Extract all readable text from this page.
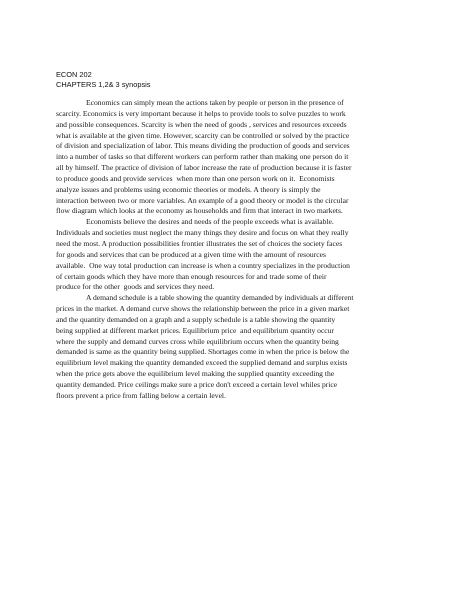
ECON 202
CHAPTERS 1,2& 3 synopsis
Economics can simply mean the actions taken by people or person in the presence of
scarcity. Economics is very important because it helps to provide tools to solve puzzles to work
and possible consequences. Scarcity is when the need of goods , services and resources exceeds
what is available at the given time. However, scarcity can be controlled or solved by the practice
of division and specialization of labor. This means dividing the production of goods and services
into a number of tasks so that different workers can perform rather than making one person do it
all by himself. The practice of division of labor increase the rate of production because it is faster
to produce goods and provide services  when more than one person work on it.  Economists
analyze issues and problems using economic theories or models. A theory is simply the
interaction between two or more variables. An example of a good theory or model is the circular
flow diagram which looks at the economy as households and firm that interact in two markets.
Economists believe the desires and needs of the people exceeds what is available.
Individuals and societies must neglect the many things they desire and focus on what they really
need the most. A production possibilities frontier illustrates the set of choices the society faces
for goods and services that can be produced at a given time with the amount of resources
available.  One way total production can increase is when a country specializes in the production
of certain goods which they have more than enough resources for and trade some of their
produce for the other  goods and services they need.
A demand schedule is a table showing the quantity demanded by individuals at different
prices in the market. A demand curve shows the relationship between the price in a given market
and the quantity demanded on a graph and a supply schedule is a table showing the quantity
being supplied at different market prices. Equilibrium price  and equilibrium quantity occur
where the supply and demand curves cross while equilibrium occurs when the quantity being
demanded is same as the quantity being supplied. Shortages come in when the price is below the
equilibrium level making the quantity demanded exceed the supplied demand and surplus exists
when the price gets above the equilibrium level making the supplied quantity exceeding the
quantity demanded. Price ceilings make sure a price don't exceed a certain level whiles price
floors prevent a price from falling below a certain level.
